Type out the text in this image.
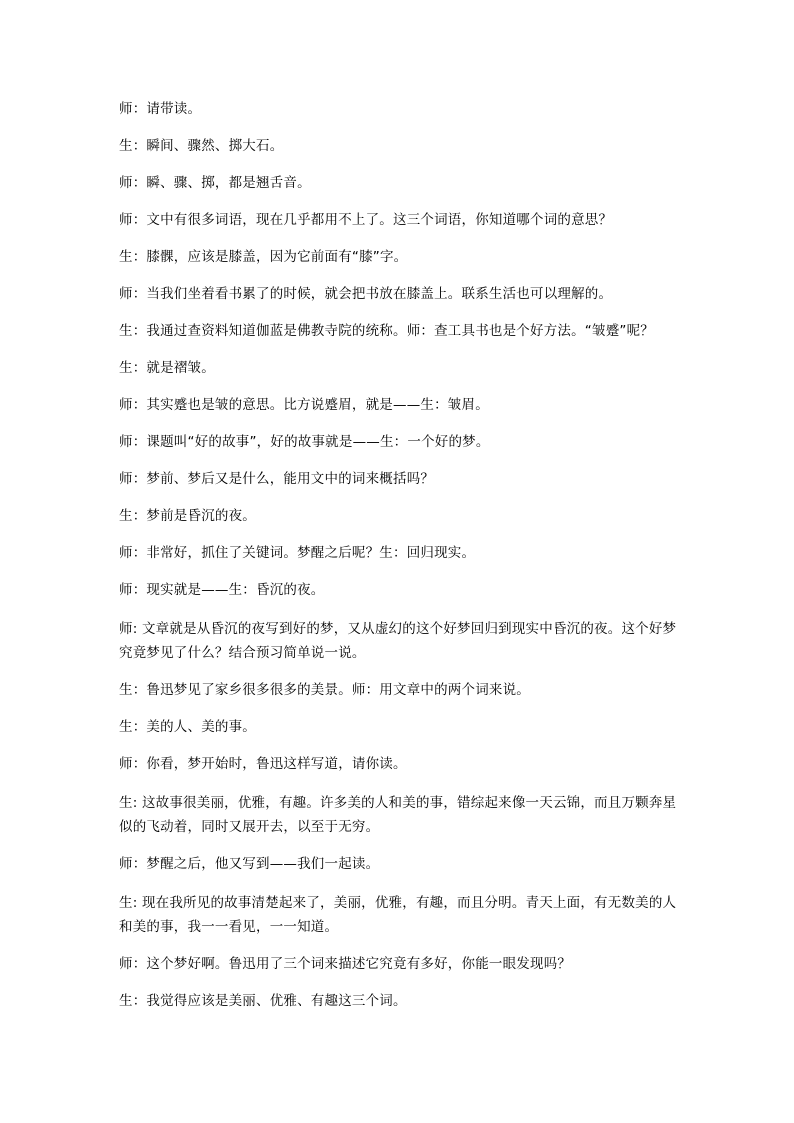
师：请带读。

生：瞬间、骤然、掷大石。

师：瞬、骤、掷，都是翘舌音。

师：文中有很多词语，现在几乎都用不上了。这三个词语，你知道哪个词的意思？

生：膝髁，应该是膝盖，因为它前面有“膝”字。

师：当我们坐着看书累了的时候，就会把书放在膝盖上。联系生活也可以理解的。

生：我通过查资料知道伽蓝是佛教寺院的统称。师：查工具书也是个好方法。“皱蹙”呢？

生：就是褶皱。

师：其实蹙也是皱的意思。比方说蹙眉，就是——生：皱眉。

师：课题叫“好的故事”，好的故事就是——生：一个好的梦。

师：梦前、梦后又是什么，能用文中的词来概括吗？

生：梦前是昏沉的夜。

师：非常好，抓住了关键词。梦醒之后呢？生：回归现实。

师：现实就是——生：昏沉的夜。

师: 文章就是从昏沉的夜写到好的梦，又从虚幻的这个好梦回归到现实中昏沉的夜。这个好梦究竟梦见了什么？结合预习简单说一说。

生：鲁迅梦见了家乡很多很多的美景。师：用文章中的两个词来说。

生：美的人、美的事。

师：你看，梦开始时，鲁迅这样写道，请你读。

生: 这故事很美丽，优雅，有趣。许多美的人和美的事，错综起来像一天云锦，而且万颗奔星似的飞动着，同时又展开去，以至于无穷。

师：梦醒之后，他又写到——我们一起读。

生: 现在我所见的故事清楚起来了，美丽，优雅，有趣，而且分明。青天上面，有无数美的人和美的事，我一一看见，一一知道。

师：这个梦好啊。鲁迅用了三个词来描述它究竟有多好，你能一眼发现吗？

生：我觉得应该是美丽、优雅、有趣这三个词。
